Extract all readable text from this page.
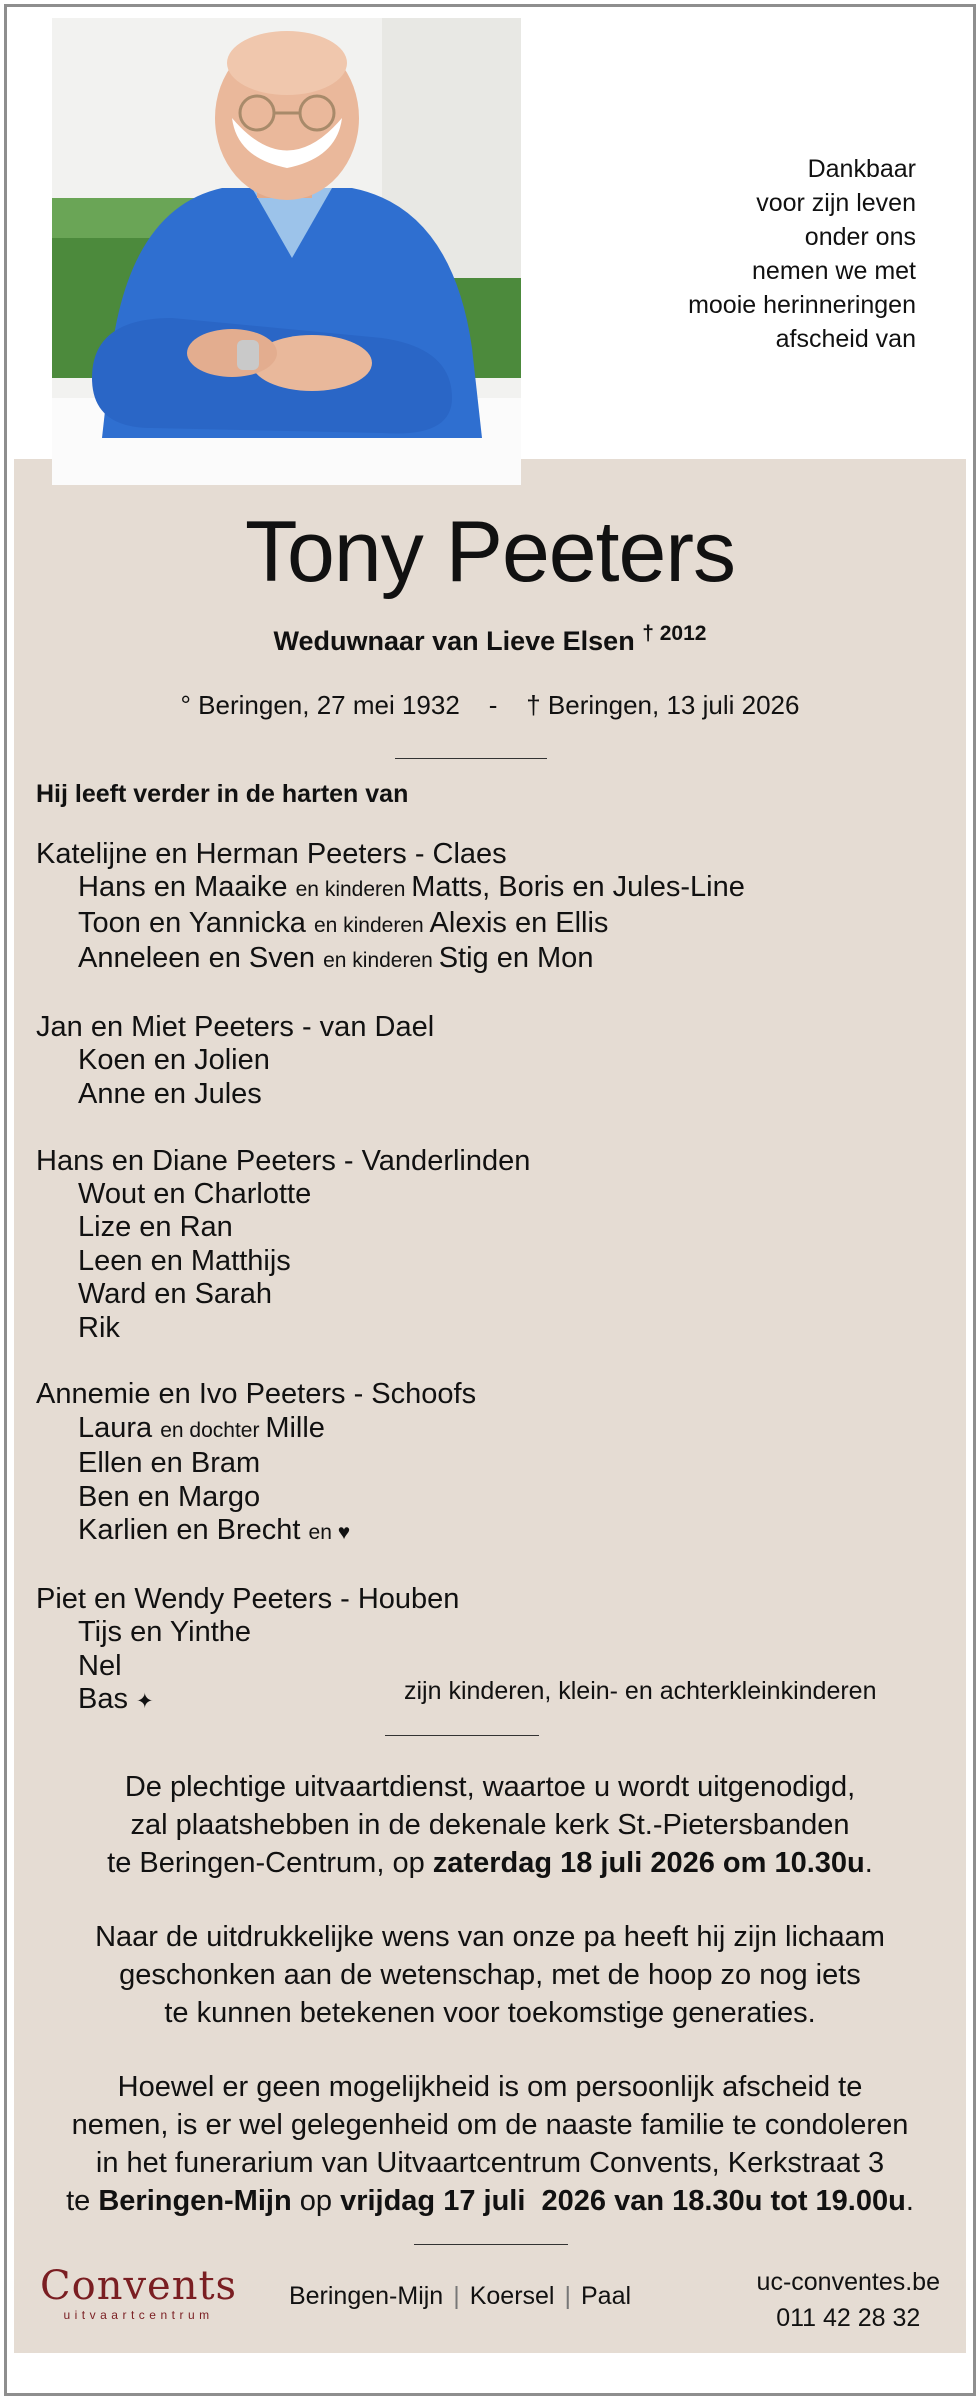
Dankbaar
voor zijn leven
onder ons
nemen we met
mooie herinneringen
afscheid van
Tony Peeters
Weduwnaar van Lieve Elsen $^{\dagger 2012}$
° Beringen, 27 mei 1932    -    † Beringen, 13 juli 2026
Hij leeft verder in de harten van
Katelijne en Herman Peeters - Claes
Hans en Maaike en kinderen Matts, Boris en Jules-Line
Toon en Yannicka en kinderen Alexis en Ellis
Anneleen en Sven en kinderen Stig en Mon
Jan en Miet Peeters - van Dael
Koen en Jolien
Anne en Jules
Hans en Diane Peeters - Vanderlinden
Wout en Charlotte
Lize en Ran
Leen en Matthijs
Ward en Sarah
Rik
Annemie en Ivo Peeters - Schoofs
Laura en dochter Mille
Ellen en Bram
Ben en Margo
Karlien en Brecht en ♥
Piet en Wendy Peeters - Houben
Tijs en Yinthe
Nel
Bas ✦	zijn kinderen, klein- en achterkleinkinderen
De plechtige uitvaartdienst, waartoe u wordt uitgenodigd,
zal plaatshebben in de dekenale kerk St.-Pietersbanden
te Beringen-Centrum, op zaterdag 18 juli 2026 om 10.30u.
Naar de uitdrukkelijke wens van onze pa heeft hij zijn lichaam
geschonken aan de wetenschap, met de hoop zo nog iets
te kunnen betekenen voor toekomstige generaties.
Hoewel er geen mogelijkheid is om persoonlijk afscheid te
nemen, is er wel gelegenheid om de naaste familie te condoleren
in het funerarium van Uitvaartcentrum Convents, Kerkstraat 3
te Beringen-Mijn op vrijdag 17 juli  2026 van 18.30u tot 19.00u.
Convents
uitvaartcentrum
Beringen-Mijn | Koersel | Paal	uc-conventes.be
011 42 28 32
